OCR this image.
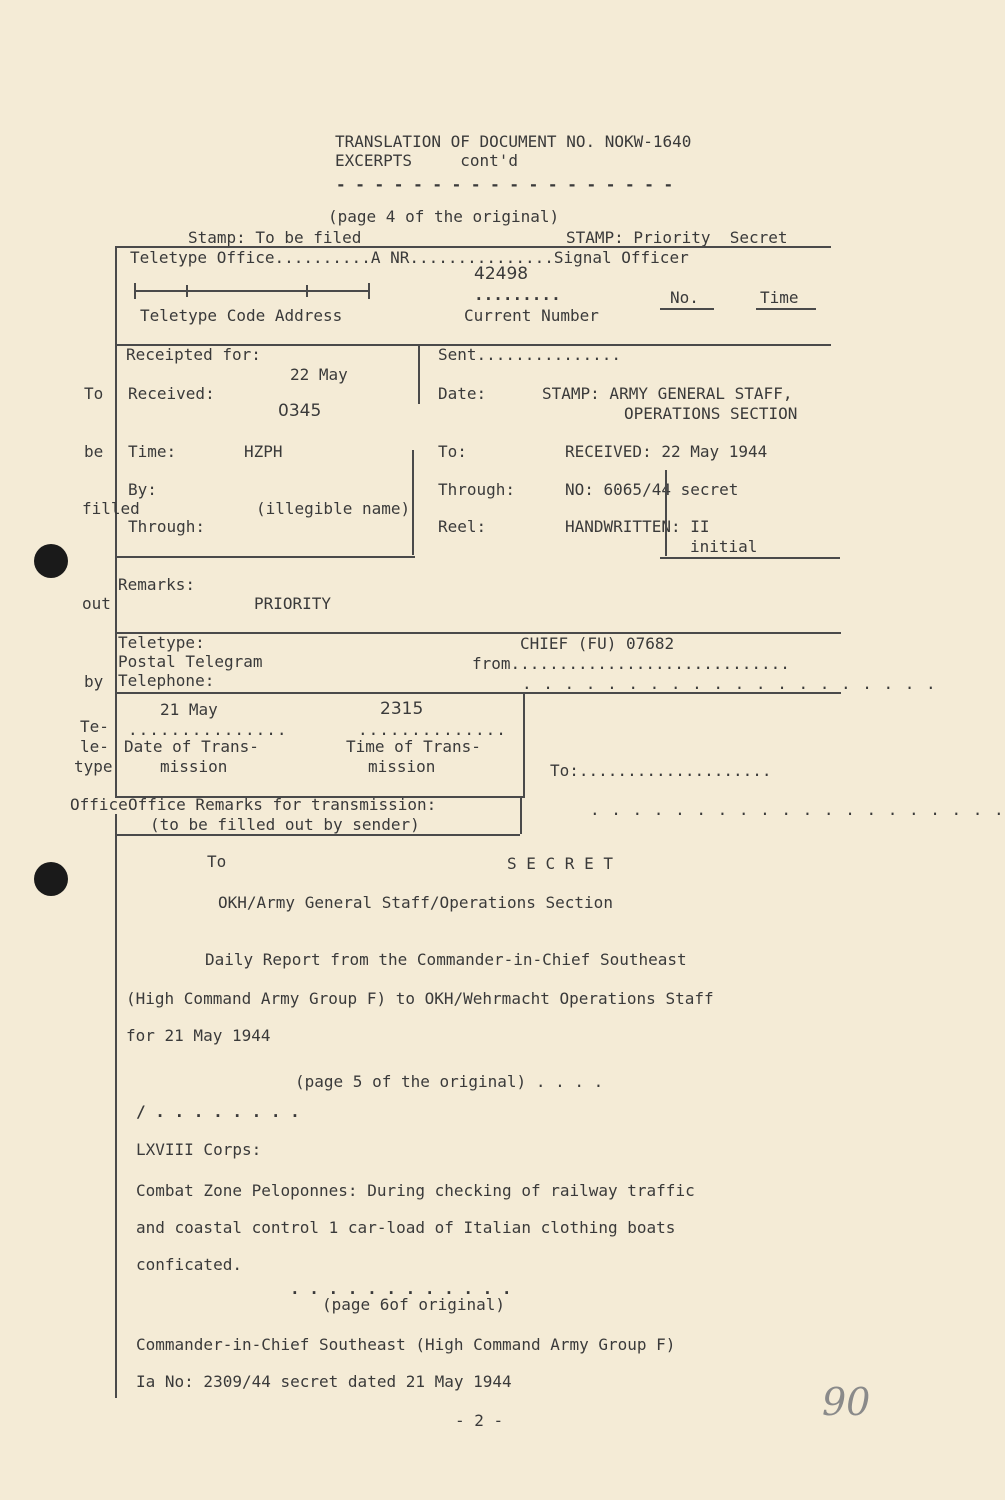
TRANSLATION OF DOCUMENT NO. NOKW-1640
EXCERPTS     cont'd
- - - - - - - - - - - - - - - - - -
(page 4 of the original)
Stamp: To be filed	STAMP: Priority  Secret
Teletype Office..........A NR...............Signal Officer
42498
.........	No.	Time
Teletype Code Address	Current Number
Receipted for:
22 May
Received:
0345
Time:	HZPH
By:
(illegible name)
Through:
Sent...............
Date:	STAMP: ARMY GENERAL STAFF,
OPERATIONS SECTION
To:	RECEIVED: 22 May 1944
Through:	NO: 6065/44 secret
Reel:	HANDWRITTEN: II
initial
To
be
filled
out
by
Te-
le-
type
Office
Remarks:
PRIORITY
Teletype:
Postal Telegram
Telephone:
CHIEF (FU) 07682
from.............................
. . . . . . . . . . . . . . . . . . . .
21 May	2315
...............	..............
Date of Trans-
mission
Time of Trans-
mission	To:....................
Office Remarks for transmission:
(to be filled out by sender)
. . . . . . . . . . . . . . . . . . . .
To	S E C R E T
OKH/Army General Staff/Operations Section
Daily Report from the Commander-in-Chief Southeast
(High Command Army Group F) to OKH/Wehrmacht Operations Staff
for 21 May 1944
(page 5 of the original) . . . .
/ . . . . . . . .
LXVIII Corps:
Combat Zone Peloponnes: During checking of railway traffic
and coastal control 1 car-load of Italian clothing boats
conficated.
. . . . . . . . . . . .
(page 6of original)
Commander-in-Chief Southeast (High Command Army Group F)
Ia No: 2309/44 secret dated 21 May 1944
- 2 -	90
